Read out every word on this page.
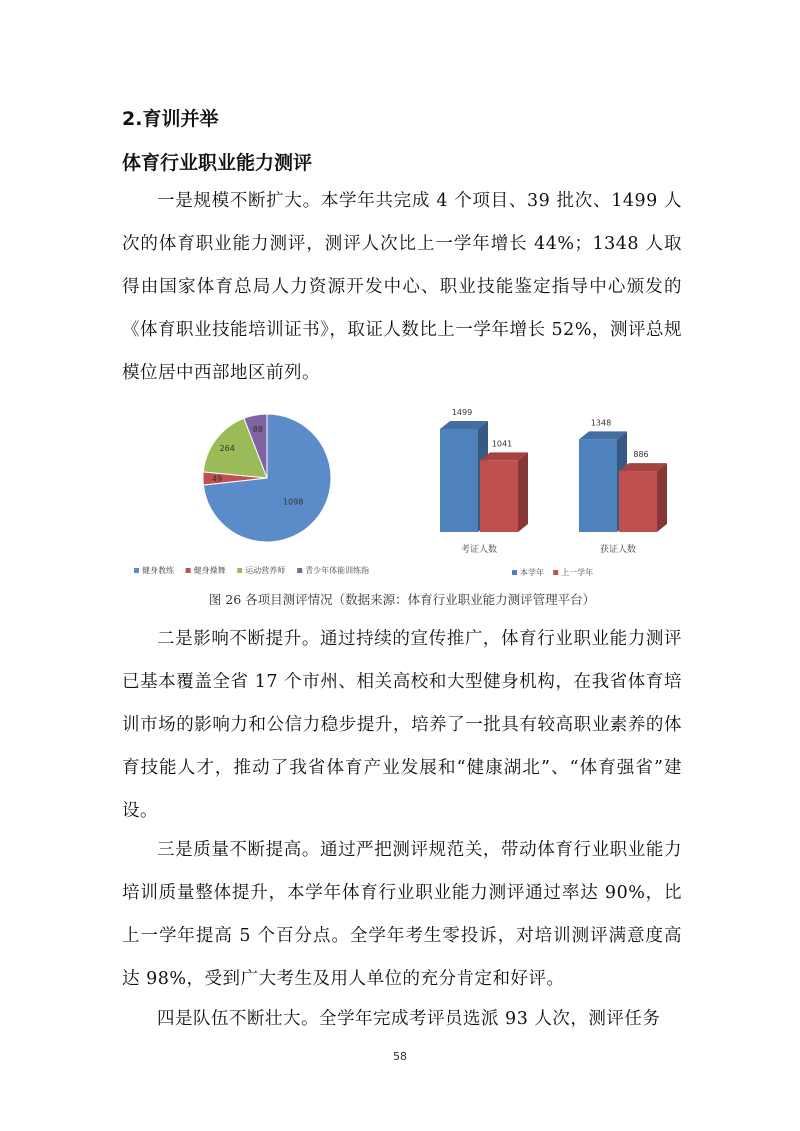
2.育训并举
体育行业职业能力测评
一是规模不断扩大。本学年共完成 4 个项目、39 批次、1499 人次的体育职业能力测评，测评人次比上一学年增长 44%；1348 人取得由国家体育总局人力资源开发中心、职业技能鉴定指导中心颁发的《体育职业技能培训证书》，取证人数比上一学年增长 52%，测评总规模位居中西部地区前列。
1098
49
264
88
健身教练 健身操舞 运动营养师	青少年体能训练指
1499
1041
考证人数
1348
886
获证人数
本学年 上一学年
图 26 各项目测评情况（数据来源：体育行业职业能力测评管理平台）
二是影响不断提升。通过持续的宣传推广，体育行业职业能力测评已基本覆盖全省 17 个市州、相关高校和大型健身机构，在我省体育培训市场的影响力和公信力稳步提升，培养了一批具有较高职业素养的体育技能人才，推动了我省体育产业发展和“健康湖北”、“体育强省”建设。
三是质量不断提高。通过严把测评规范关，带动体育行业职业能力培训质量整体提升，本学年体育行业职业能力测评通过率达 90%，比上一学年提高 5 个百分点。全学年考生零投诉，对培训测评满意度高达 98%，受到广大考生及用人单位的充分肯定和好评。
四是队伍不断壮大。全学年完成考评员选派 93 人次，测评任务
58
